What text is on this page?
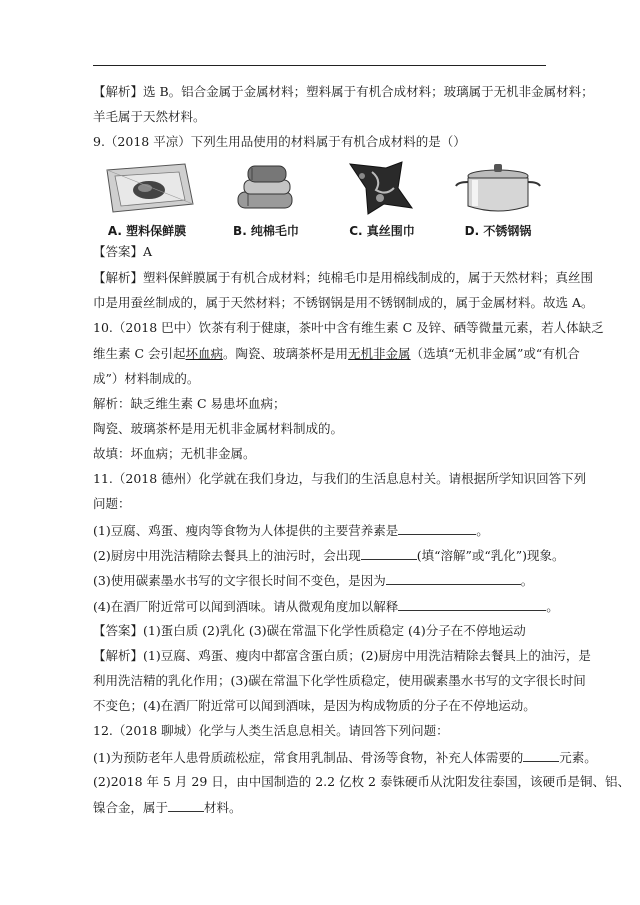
【解析】选 B。铝合金属于金属材料；塑料属于有机合成材料；玻璃属于无机非金属材料；
羊毛属于天然材料。
9.（2018 平凉）下列生用品使用的材料属于有机合成材料的是（）
A. 塑料保鲜膜	B. 纯棉毛巾	C. 真丝围巾	D. 不锈钢锅
【答案】A
【解析】塑料保鲜膜属于有机合成材料；纯棉毛巾是用棉线制成的，属于天然材料；真丝围
巾是用蚕丝制成的，属于天然材料；不锈钢锅是用不锈钢制成的，属于金属材料。故选 A。
10.（2018 巴中）饮茶有利于健康，茶叶中含有维生素 C 及锌、硒等微量元素，若人体缺乏
维生素 C 会引起坏血病。陶瓷、玻璃茶杯是用无机非金属（选填“无机非金属”或“有机合
成”）材料制成的。
解析：缺乏维生素 C 易患坏血病；
陶瓷、玻璃茶杯是用无机非金属材料制成的。
故填：坏血病；无机非金属。
11.（2018 德州）化学就在我们身边，与我们的生活息息村关。请根据所学知识回答下列
问题：
(1)豆腐、鸡蛋、瘦肉等食物为人体提供的主要营养素是	。
(2)厨房中用洗洁精除去餐具上的油污时，会出现	(填“溶解”或“乳化”)现象。
(3)使用碳素墨水书写的文字很长时间不变色，是因为	。
(4)在酒厂附近常可以闻到酒味。请从微观角度加以解释	。
【答案】(1)蛋白质 (2)乳化 (3)碳在常温下化学性质稳定 (4)分子在不停地运动
【解析】(1)豆腐、鸡蛋、瘦肉中都富含蛋白质；(2)厨房中用洗洁精除去餐具上的油污，是
利用洗洁精的乳化作用；(3)碳在常温下化学性质稳定，使用碳素墨水书写的文字很长时间
不变色；(4)在酒厂附近常可以闻到酒味，是因为构成物质的分子在不停地运动。
12.（2018 聊城）化学与人类生活息息相关。请回答下列问题：
(1)为预防老年人患骨质疏松症，常食用乳制品、骨汤等食物，补充人体需要的	元素。
(2)2018 年 5 月 29 日，由中国制造的 2.2 亿枚 2 泰铢硬币从沈阳发往泰国，该硬币是铜、铝、
镍合金，属于	材料。
